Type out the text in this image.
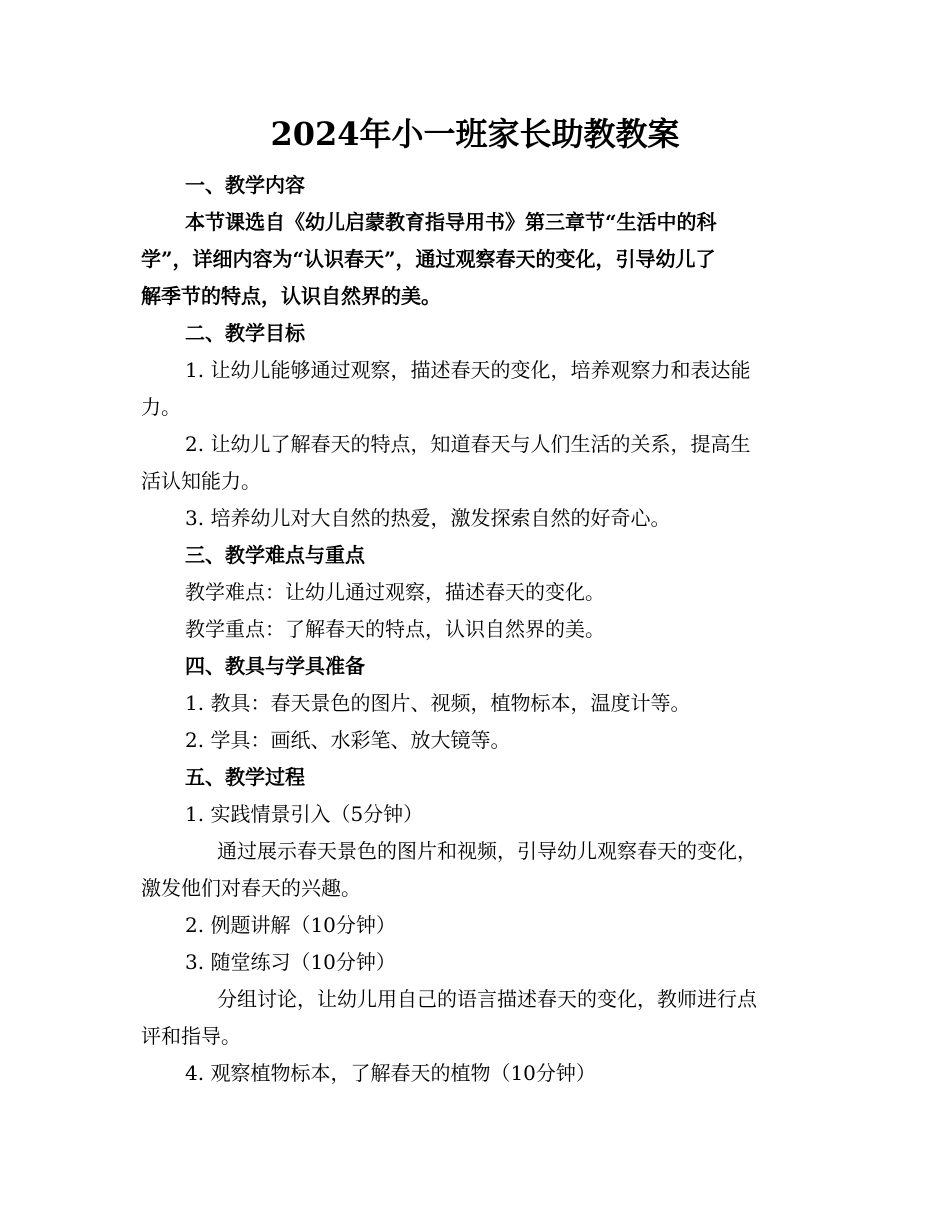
2024年小一班家长助教教案
一、教学内容
本节课选自《幼儿启蒙教育指导用书》第三章节“生活中的科
学”，详细内容为“认识春天”，通过观察春天的变化，引导幼儿了
解季节的特点，认识自然界的美。
二、教学目标
1. 让幼儿能够通过观察，描述春天的变化，培养观察力和表达能
力。
2. 让幼儿了解春天的特点，知道春天与人们生活的关系，提高生
活认知能力。
3. 培养幼儿对大自然的热爱，激发探索自然的好奇心。
三、教学难点与重点
教学难点：让幼儿通过观察，描述春天的变化。
教学重点：了解春天的特点，认识自然界的美。
四、教具与学具准备
1. 教具：春天景色的图片、视频，植物标本，温度计等。
2. 学具：画纸、水彩笔、放大镜等。
五、教学过程
1. 实践情景引入（5分钟）
通过展示春天景色的图片和视频，引导幼儿观察春天的变化，
激发他们对春天的兴趣。
2. 例题讲解（10分钟）
3. 随堂练习（10分钟）
分组讨论，让幼儿用自己的语言描述春天的变化，教师进行点
评和指导。
4. 观察植物标本，了解春天的植物（10分钟）
